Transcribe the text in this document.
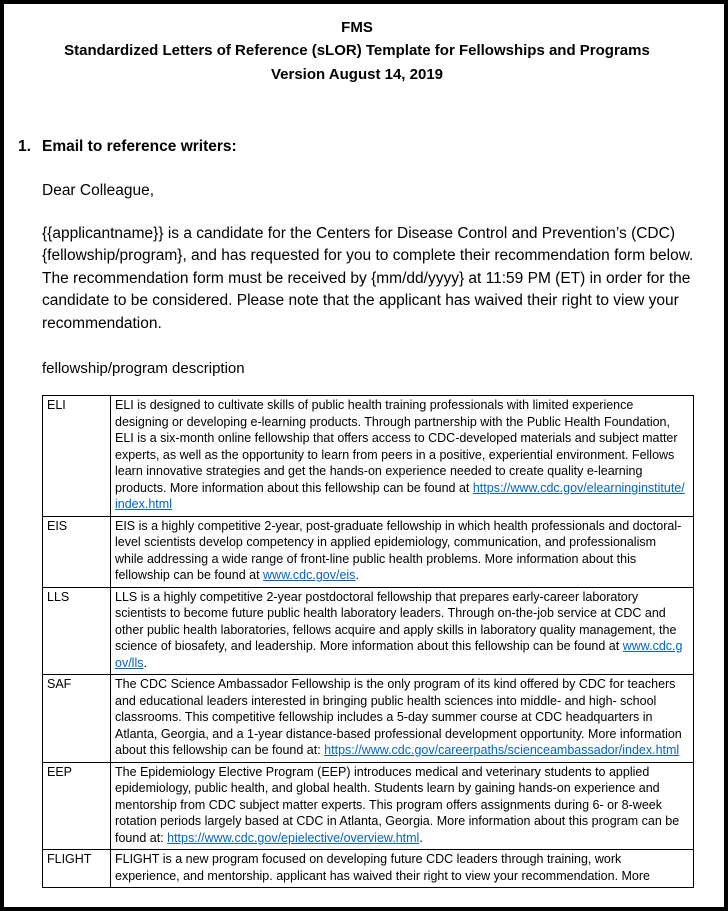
FMS
Standardized Letters of Reference (sLOR) Template for Fellowships and Programs
Version August 14, 2019
1. Email to reference writers:
Dear Colleague,
{{applicantname}} is a candidate for the Centers for Disease Control and Prevention’s (CDC) {fellowship/program}, and has requested for you to complete their recommendation form below. The recommendation form must be received by {mm/dd/yyyy} at 11:59 PM (ET) in order for the candidate to be considered. Please note that the applicant has waived their right to view your recommendation.
fellowship/program description
ELI	ELI is designed to cultivate skills of public health training professionals with limited experience designing or developing e-learning products. Through partnership with the Public Health Foundation, ELI is a six-month online fellowship that offers access to CDC-developed materials and subject matter experts, as well as the opportunity to learn from peers in a positive, experiential environment. Fellows learn innovative strategies and get the hands-on experience needed to create quality e-learning products. More information about this fellowship can be found at https://www.cdc.gov/elearninginstitute/index.html
EIS	EIS is a highly competitive 2-year, post-graduate fellowship in which health professionals and doctoral-level scientists develop competency in applied epidemiology, communication, and professionalism while addressing a wide range of front-line public health problems. More information about this fellowship can be found at www.cdc.gov/eis.
LLS	LLS is a highly competitive 2-year postdoctoral fellowship that prepares early-career laboratory scientists to become future public health laboratory leaders. Through on-the-job service at CDC and other public health laboratories, fellows acquire and apply skills in laboratory quality management, the science of biosafety, and leadership. More information about this fellowship can be found at www.cdc.gov/lls.
SAF	The CDC Science Ambassador Fellowship is the only program of its kind offered by CDC for teachers and educational leaders interested in bringing public health sciences into middle- and high- school classrooms. This competitive fellowship includes a 5-day summer course at CDC headquarters in Atlanta, Georgia, and a 1-year distance-based professional development opportunity. More information about this fellowship can be found at: https://www.cdc.gov/careerpaths/scienceambassador/index.html
EEP	The Epidemiology Elective Program (EEP) introduces medical and veterinary students to applied epidemiology, public health, and global health. Students learn by gaining hands-on experience and mentorship from CDC subject matter experts. This program offers assignments during 6- or 8-week rotation periods largely based at CDC in Atlanta, Georgia. More information about this program can be found at: https://www.cdc.gov/epielective/overview.html.
FLIGHT	FLIGHT is a new program focused on developing future CDC leaders through training, work experience, and mentorship. applicant has waived their right to view your recommendation. More
